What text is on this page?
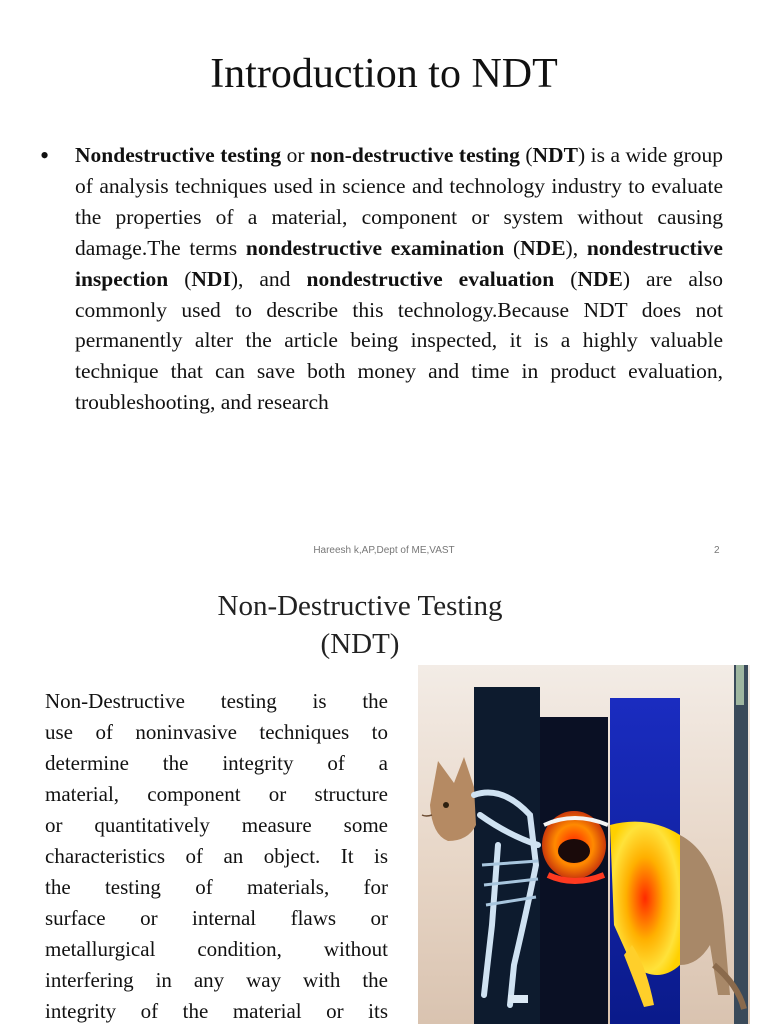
Introduction to NDT
• Nondestructive testing or non-destructive testing (NDT) is a wide group of analysis techniques used in science and technology industry to evaluate the properties of a material, component or system without causing damage.The terms nondestructive examination (NDE), nondestructive inspection (NDI), and nondestructive evaluation (NDE) are also commonly used to describe this technology.Because NDT does not permanently alter the article being inspected, it is a highly valuable technique that can save both money and time in product evaluation, troubleshooting, and research

Hareesh k,AP,Dept of ME,VAST	2
Non-Destructive Testing
(NDT)
Non-Destructive testing is the
use of noninvasive techniques to
determine the integrity of a
material, component or structure
or quantitatively measure some
characteristics of an object. It is
the testing of materials, for
surface or internal flaws or
metallurgical condition, without
interfering in any way with the
integrity of the material or its
